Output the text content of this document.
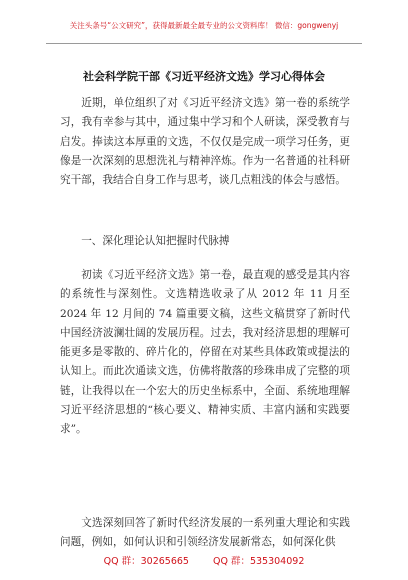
关注头条号“公文研究”，获得最新最全最专业的公文资料库！ 微信：gongwenyj
社会科学院干部《习近平经济文选》学习心得体会

近期，单位组织了对《习近平经济文选》第一卷的系统学习，我有幸参与其中，通过集中学习和个人研读，深受教育与启发。捧读这本厚重的文选，不仅仅是完成一项学习任务，更像是一次深刻的思想洗礼与精神淬炼。作为一名普通的社科研究干部，我结合自身工作与思考，谈几点粗浅的体会与感悟。

一、深化理论认知把握时代脉搏

初读《习近平经济文选》第一卷，最直观的感受是其内容的系统性与深刻性。文选精选收录了从 2012 年 11 月至 2024 年 12 月间的 74 篇重要文稿，这些文稿贯穿了新时代中国经济波澜壮阔的发展历程。过去，我对经济思想的理解可能更多是零散的、碎片化的，停留在对某些具体政策或提法的认知上。而此次通读文选，仿佛将散落的珍珠串成了完整的项链，让我得以在一个宏大的历史坐标系中，全面、系统地理解习近平经济思想的“核心要义、精神实质、丰富内涵和实践要求”。

文选深刻回答了新时代经济发展的一系列重大理论和实践问题，例如，如何认识和引领经济发展新常态，如何深化供

QQ 群：30265665	QQ 群：535304092
